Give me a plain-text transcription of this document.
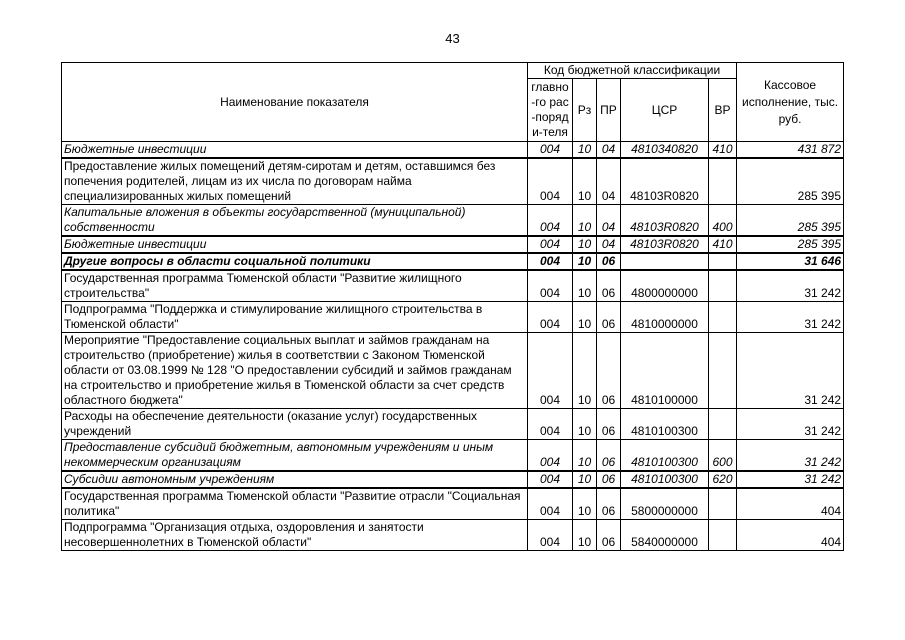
43
Наименование показателя	Код бюджетной классификации					Кассовое исполнение, тыс. руб.
	главно-го рас-поряди-теля	Рз	ПР	ЦСР	ВР	
Бюджетные инвестиции	004	10	04	4810340820	410	431 872
Предоставление жилых помещений детям-сиротам и детям, оставшимся без попечения родителей, лицам из их числа по договорам найма специализированных жилых помещений	004	10	04	48103R0820		285 395
Капитальные вложения в объекты государственной (муниципальной) собственности	004	10	04	48103R0820	400	285 395
Бюджетные инвестиции	004	10	04	48103R0820	410	285 395
Другие вопросы в области социальной политики	004	10	06			31 646
Государственная программа Тюменской области "Развитие жилищного строительства"	004	10	06	4800000000		31 242
Подпрограмма "Поддержка и стимулирование жилищного строительства в Тюменской области"	004	10	06	4810000000		31 242
Мероприятие "Предоставление социальных выплат и займов гражданам на строительство (приобретение) жилья в соответствии с Законом Тюменской области от 03.08.1999 № 128 "О предоставлении субсидий и займов гражданам на строительство и приобретение жилья в Тюменской области за счет средств областного бюджета"	004	10	06	4810100000		31 242
Расходы на обеспечение деятельности (оказание услуг) государственных учреждений	004	10	06	4810100300		31 242
Предоставление субсидий бюджетным, автономным учреждениям и иным некоммерческим организациям	004	10	06	4810100300	600	31 242
Субсидии автономным учреждениям	004	10	06	4810100300	620	31 242
Государственная программа Тюменской области "Развитие отрасли "Социальная политика"	004	10	06	5800000000		404
Подпрограмма "Организация отдыха, оздоровления и занятости несовершеннолетних в Тюменской области"	004	10	06	5840000000		404
